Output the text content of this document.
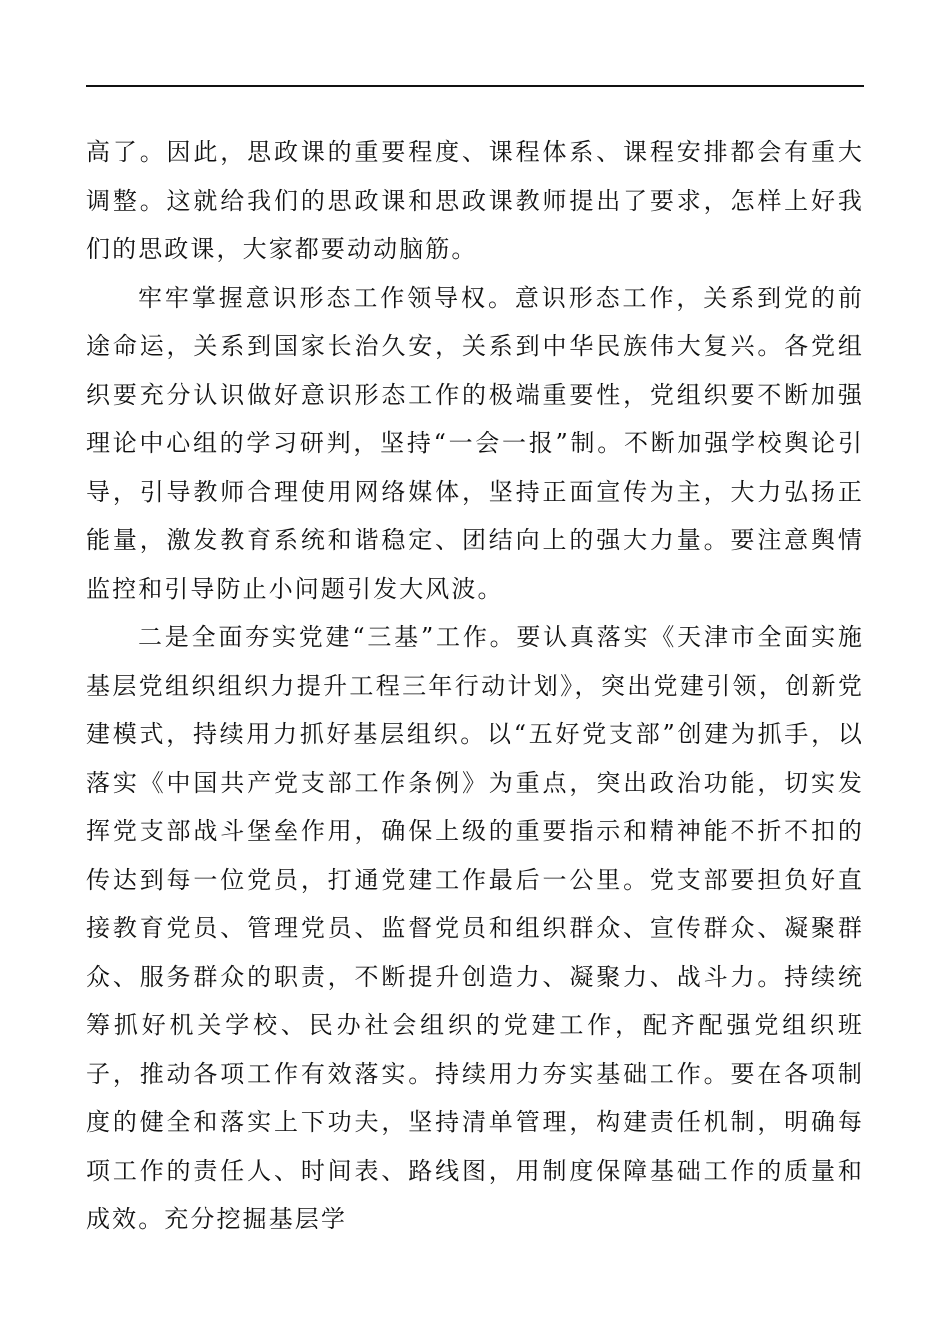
高了。因此，思政课的重要程度、课程体系、课程安排都会有重大调整。这就给我们的思政课和思政课教师提出了要求，怎样上好我们的思政课，大家都要动动脑筋。

牢牢掌握意识形态工作领导权。意识形态工作，关系到党的前途命运，关系到国家长治久安，关系到中华民族伟大复兴。各党组织要充分认识做好意识形态工作的极端重要性，党组织要不断加强理论中心组的学习研判，坚持“一会一报”制。不断加强学校舆论引导，引导教师合理使用网络媒体，坚持正面宣传为主，大力弘扬正能量，激发教育系统和谐稳定、团结向上的强大力量。要注意舆情监控和引导防止小问题引发大风波。

二是全面夯实党建“三基”工作。要认真落实《天津市全面实施基层党组织组织力提升工程三年行动计划》，突出党建引领，创新党建模式，持续用力抓好基层组织。以“五好党支部”创建为抓手，以落实《中国共产党支部工作条例》为重点，突出政治功能，切实发挥党支部战斗堡垒作用，确保上级的重要指示和精神能不折不扣的传达到每一位党员，打通党建工作最后一公里。党支部要担负好直接教育党员、管理党员、监督党员和组织群众、宣传群众、凝聚群众、服务群众的职责，不断提升创造力、凝聚力、战斗力。持续统筹抓好机关学校、民办社会组织的党建工作，配齐配强党组织班子，推动各项工作有效落实。持续用力夯实基础工作。要在各项制度的健全和落实上下功夫，坚持清单管理，构建责任机制，明确每项工作的责任人、时间表、路线图，用制度保障基础工作的质量和成效。充分挖掘基层学
